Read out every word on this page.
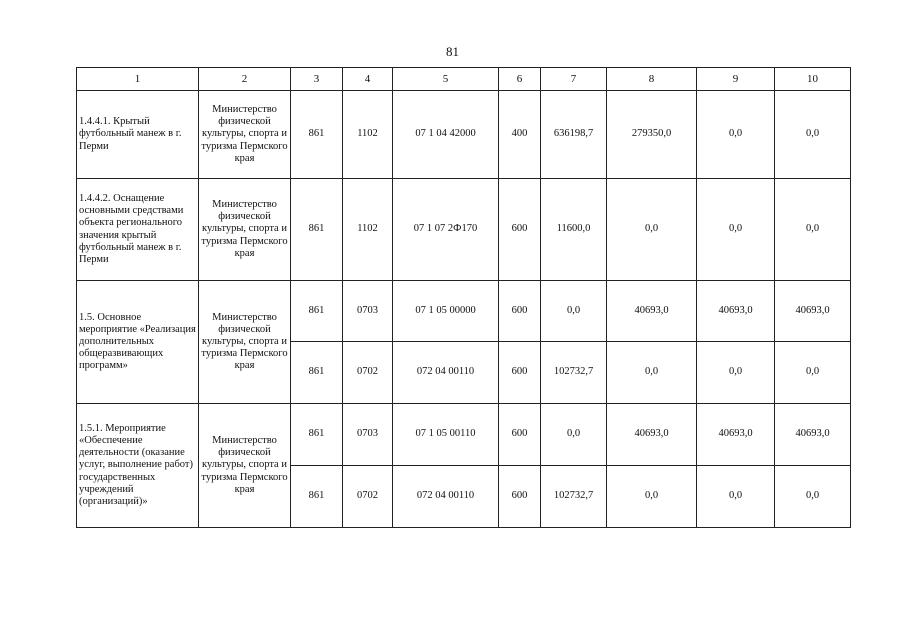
81
1	2	3	4	5	6	7	8	9	10
1.4.4.1. Крытый футбольный манеж в г. Перми	Министерство физической культуры, спорта и туризма Пермского края	861	1102	07 1 04 42000	400	636198,7	279350,0	0,0	0,0
1.4.4.2. Оснащение основными средствами объекта регионального значения крытый футбольный манеж в г. Перми	Министерство физической культуры, спорта и туризма Пермского края	861	1102	07 1 07 2Ф170	600	11600,0	0,0	0,0	0,0
1.5. Основное мероприятие «Реализация дополнительных общеразвивающих программ»	Министерство физической культуры, спорта и туризма Пермского края	861	0703	07 1 05 00000	600	0,0	40693,0	40693,0	40693,0
		861	0702	072 04 00110	600	102732,7	0,0	0,0	0,0
1.5.1. Мероприятие «Обеспечение деятельности (оказание услуг, выполнение работ) государственных учреждений (организаций)»	Министерство физической культуры, спорта и туризма Пермского края	861	0703	07 1 05 00110	600	0,0	40693,0	40693,0	40693,0
		861	0702	072 04 00110	600	102732,7	0,0	0,0	0,0
